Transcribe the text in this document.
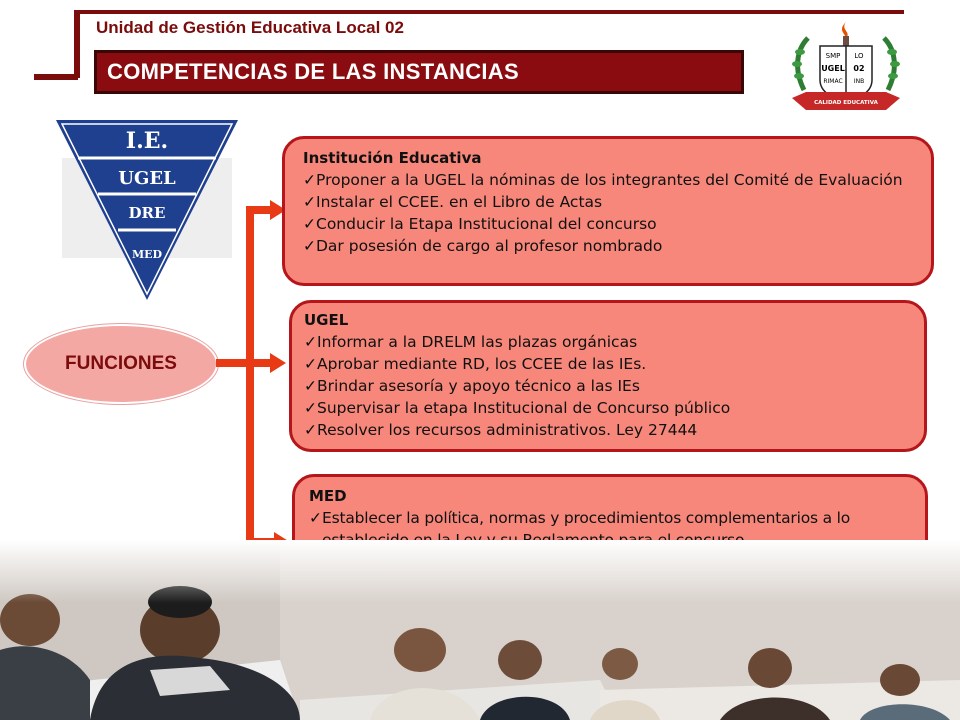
Unidad de Gestión Educativa Local 02
COMPETENCIAS DE LAS INSTANCIAS
SMP LO
UGEL 02
RIMAC INB
CALIDAD EDUCATIVA
I.E.
UGEL
DRE
MED
FUNCIONES
Institución Educativa
✓Proponer a la UGEL la nóminas de los integrantes del Comité de Evaluación
✓Instalar el CCEE. en el Libro de Actas
✓Conducir la Etapa Institucional del concurso
✓Dar posesión de cargo al profesor nombrado
UGEL
✓Informar a la DRELM las plazas orgánicas
✓Aprobar mediante RD, los CCEE de las IEs.
✓Brindar asesoría y apoyo técnico a las IEs
✓Supervisar la etapa Institucional de Concurso público
✓Resolver los recursos administrativos. Ley 27444
MED
✓Establecer la política, normas y procedimientos complementarios a lo
